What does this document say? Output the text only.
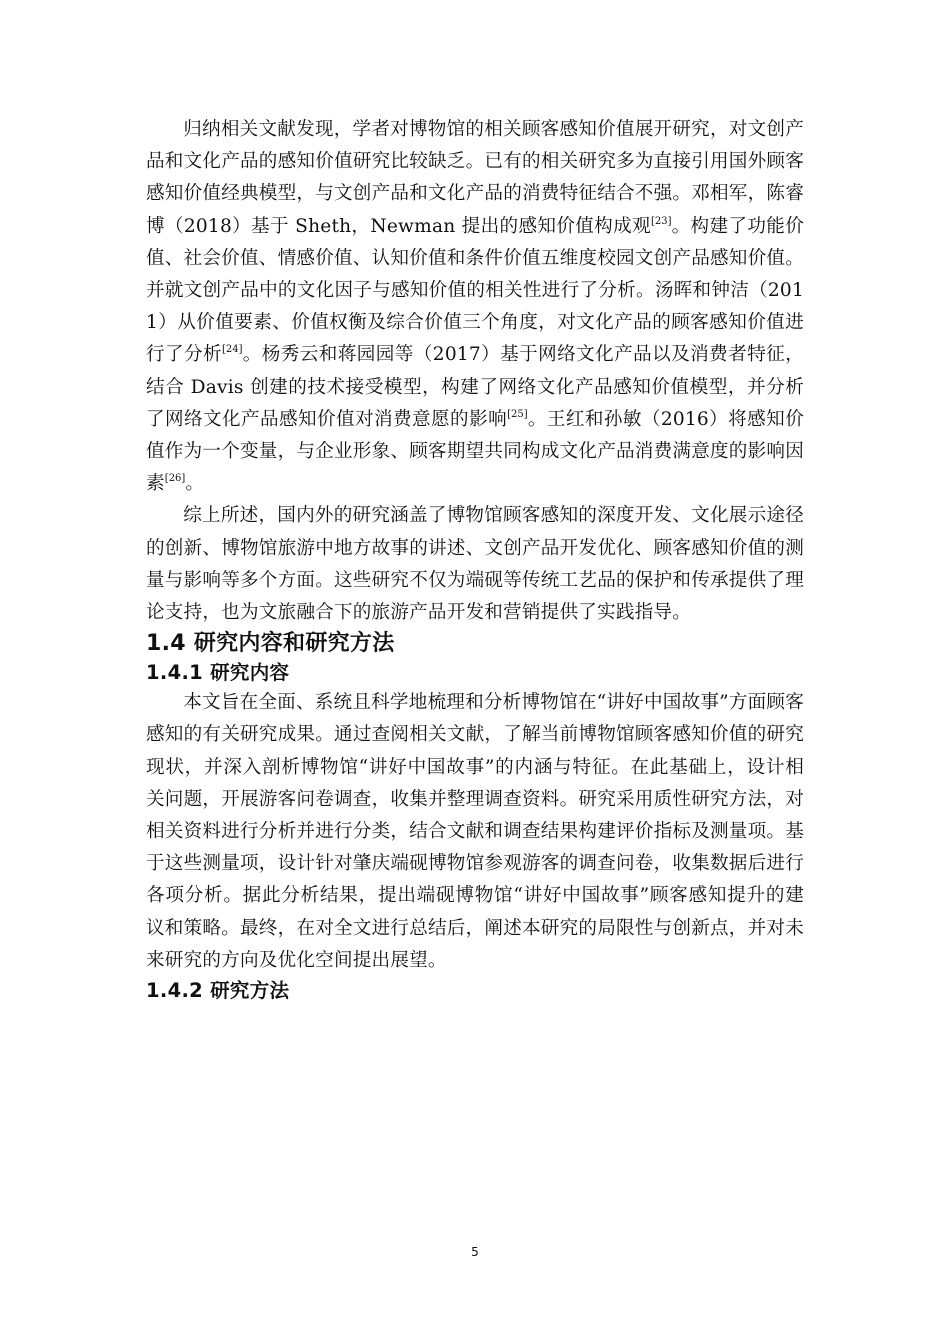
归纳相关文献发现，学者对博物馆的相关顾客感知价值展开研究，对文创产品和文化产品的感知价值研究比较缺乏。已有的相关研究多为直接引用国外顾客感知价值经典模型，与文创产品和文化产品的消费特征结合不强。邓相军，陈睿博（2018）基于 Sheth，Newman 提出的感知价值构成观[23]。构建了功能价值、社会价值、情感价值、认知价值和条件价值五维度校园文创产品感知价值。并就文创产品中的文化因子与感知价值的相关性进行了分析。汤晖和钟洁（2011）从价值要素、价值权衡及综合价值三个角度，对文化产品的顾客感知价值进行了分析[24]。杨秀云和蒋园园等（2017）基于网络文化产品以及消费者特征，结合 Davis 创建的技术接受模型，构建了网络文化产品感知价值模型，并分析了网络文化产品感知价值对消费意愿的影响[25]。王红和孙敏（2016）将感知价值作为一个变量，与企业形象、顾客期望共同构成文化产品消费满意度的影响因素[26]。

综上所述，国内外的研究涵盖了博物馆顾客感知的深度开发、文化展示途径的创新、博物馆旅游中地方故事的讲述、文创产品开发优化、顾客感知价值的测量与影响等多个方面。这些研究不仅为端砚等传统工艺品的保护和传承提供了理论支持，也为文旅融合下的旅游产品开发和营销提供了实践指导。

1.4 研究内容和研究方法
1.4.1 研究内容

本文旨在全面、系统且科学地梳理和分析博物馆在“讲好中国故事”方面顾客感知的有关研究成果。通过查阅相关文献，了解当前博物馆顾客感知价值的研究现状，并深入剖析博物馆“讲好中国故事”的内涵与特征。在此基础上，设计相关问题，开展游客问卷调查，收集并整理调查资料。研究采用质性研究方法，对相关资料进行分析并进行分类，结合文献和调查结果构建评价指标及测量项。基于这些测量项，设计针对肇庆端砚博物馆参观游客的调查问卷，收集数据后进行各项分析。据此分析结果，提出端砚博物馆“讲好中国故事”顾客感知提升的建议和策略。最终，在对全文进行总结后，阐述本研究的局限性与创新点，并对未来研究的方向及优化空间提出展望。

1.4.2 研究方法
5
